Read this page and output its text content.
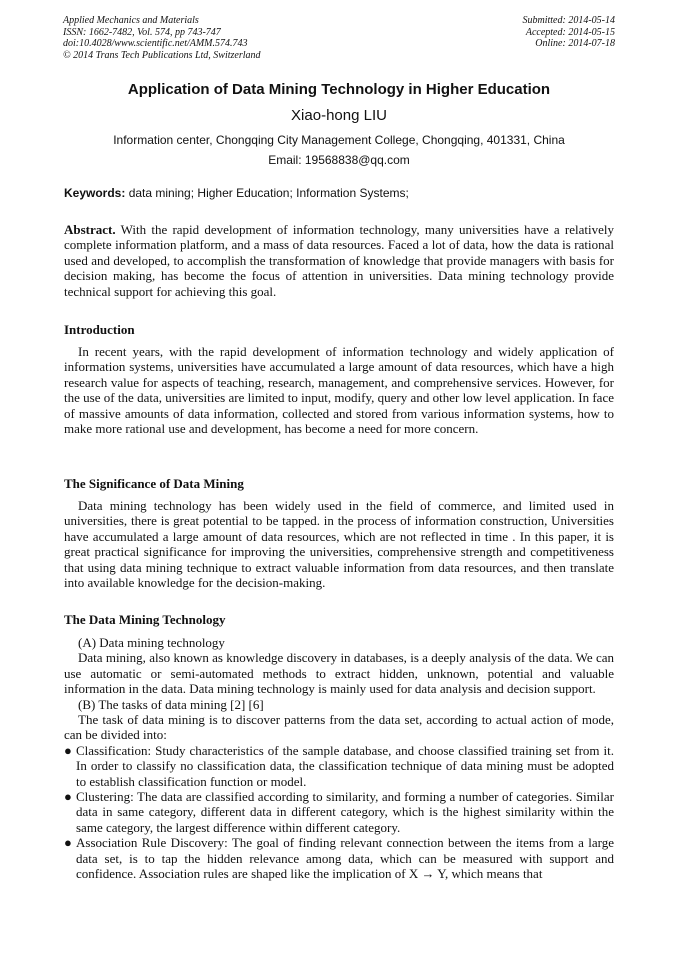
Applied Mechanics and Materials
ISSN: 1662-7482, Vol. 574, pp 743-747
doi:10.4028/www.scientific.net/AMM.574.743
© 2014 Trans Tech Publications Ltd, Switzerland
Submitted: 2014-05-14
Accepted: 2014-05-15
Online: 2014-07-18
Application of Data Mining Technology in Higher Education
Xiao-hong LIU
Information center, Chongqing City Management College, Chongqing, 401331, China
Email: 19568838@qq.com
Keywords: data mining; Higher Education; Information Systems;

Abstract. With the rapid development of information technology, many universities have a relatively complete information platform, and a mass of data resources. Faced a lot of data, how the data is rational used and developed, to accomplish the transformation of knowledge that provide managers with basis for decision making, has become the focus of attention in universities. Data mining technology provide technical support for achieving this goal.

Introduction

In recent years, with the rapid development of information technology and widely application of information systems, universities have accumulated a large amount of data resources, which have a high research value for aspects of teaching, research, management, and comprehensive services. However, for the use of the data, universities are limited to input, modify, query and other low level application. In face of massive amounts of data information, collected and stored from various information systems, how to make more rational use and development, has become a need for more concern.

The Significance of Data Mining

Data mining technology has been widely used in the field of commerce, and limited used in universities, there is great potential to be tapped. in the process of information construction, Universities have accumulated a large amount of data resources, which are not reflected in time . In this paper, it is great practical significance for improving the universities, comprehensive strength and competitiveness that using data mining technique to extract valuable information from data resources, and then translate into available knowledge for the decision-making.

The Data Mining Technology

(A) Data mining technology

Data mining, also known as knowledge discovery in databases, is a deeply analysis of the data. We can use automatic or semi-automated methods to extract hidden, unknown, potential and valuable information in the data. Data mining technology is mainly used for data analysis and decision support.

(B) The tasks of data mining [2] [6]

The task of data mining is to discover patterns from the data set, according to actual action of mode, can be divided into:

● Classification: Study characteristics of the sample database, and choose classified training set from it. In order to classify no classification data, the classification technique of data mining must be adopted to establish classification function or model.

● Clustering: The data are classified according to similarity, and forming a number of categories. Similar data in same category, different data in different category, which is the highest similarity within the same category, the largest difference within different category.

● Association Rule Discovery: The goal of finding relevant connection between the items from a large data set, is to tap the hidden relevance among data, which can be measured with support and confidence. Association rules are shaped like the implication of X → Y, which means that
